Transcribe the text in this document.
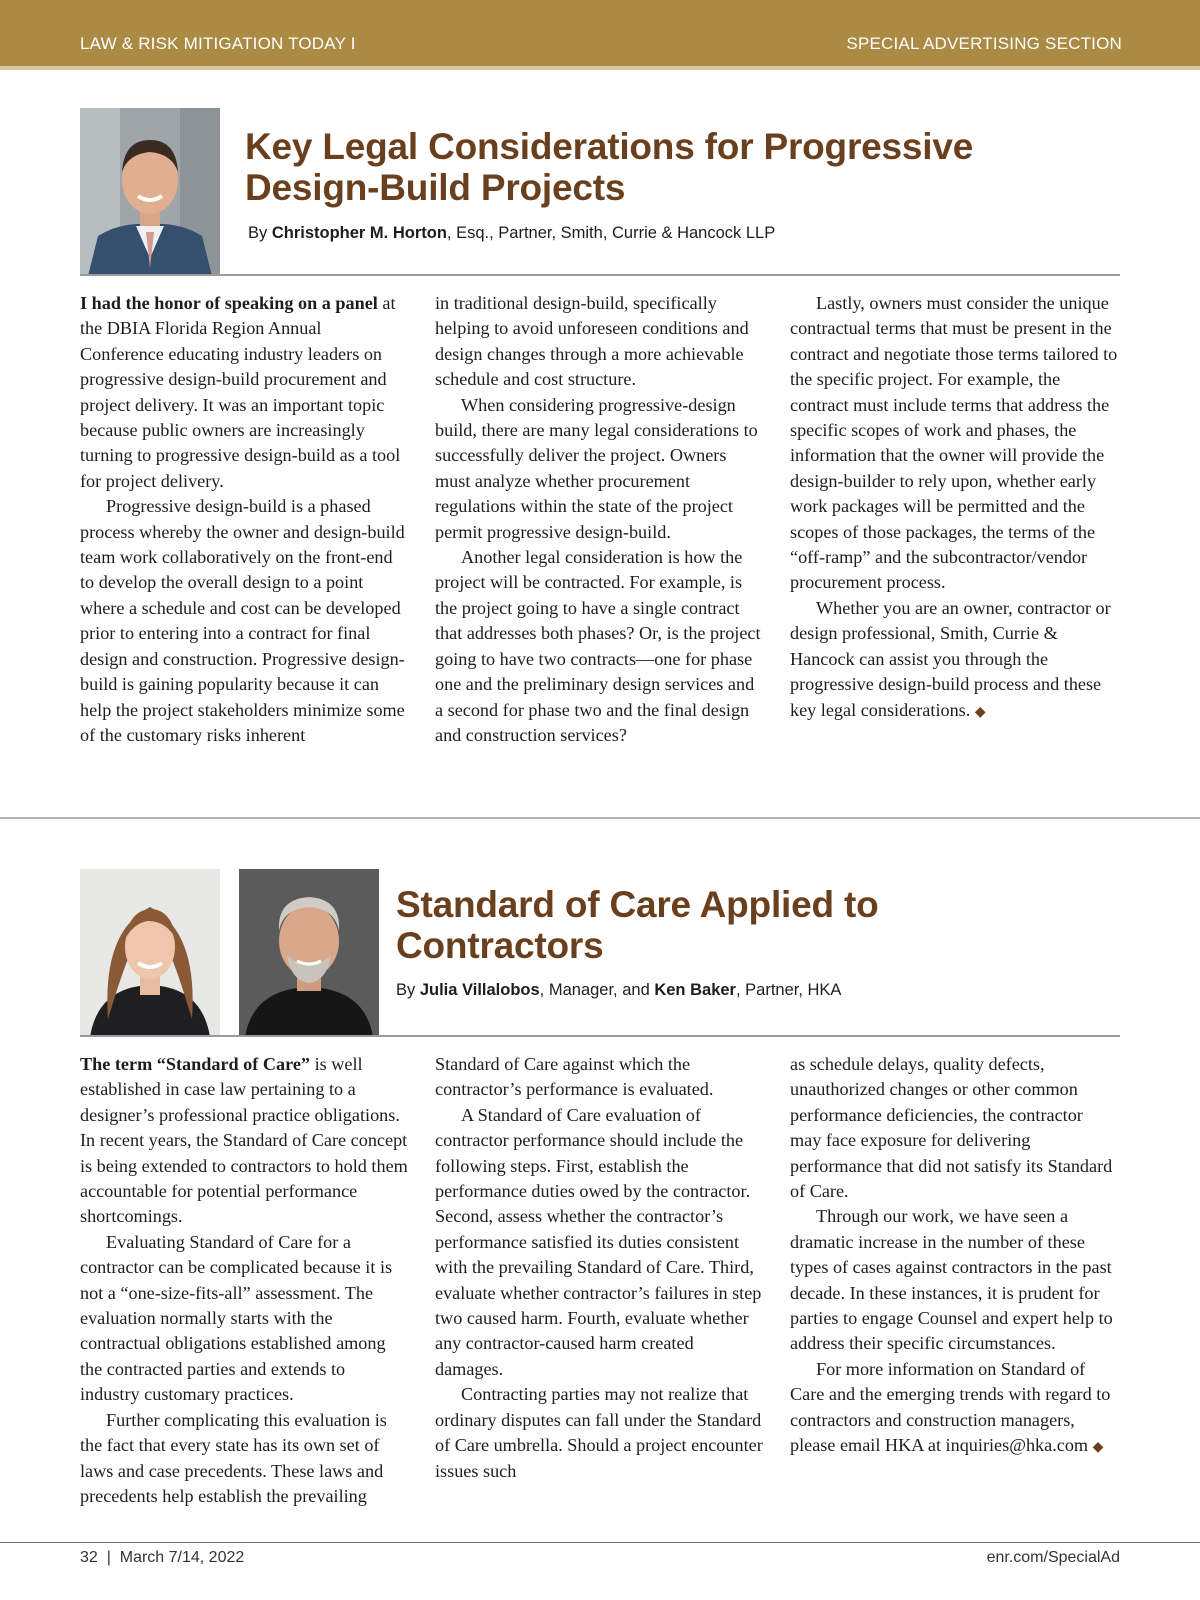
LAW & RISK MITIGATION TODAY I	SPECIAL ADVERTISING SECTION
Key Legal Considerations for Progressive Design-Build Projects
By Christopher M. Horton, Esq., Partner, Smith, Currie & Hancock LLP

I had the honor of speaking on a panel at the DBIA Florida Region Annual Conference educating industry leaders on progressive design-build procurement and project delivery. It was an important topic because public owners are increasingly turning to progressive design-build as a tool for project delivery.

Progressive design-build is a phased process whereby the owner and design-build team work collaboratively on the front-end to develop the overall design to a point where a schedule and cost can be developed prior to entering into a contract for final design and construction. Progressive design-build is gaining popularity because it can help the project stakeholders minimize some of the customary risks inherent

in traditional design-build, specifically helping to avoid unforeseen conditions and design changes through a more achievable schedule and cost structure.

When considering progressive-design build, there are many legal considerations to successfully deliver the project. Owners must analyze whether procurement regulations within the state of the project permit progressive design-build.

Another legal consideration is how the project will be contracted. For example, is the project going to have a single contract that addresses both phases? Or, is the project going to have two contracts—one for phase one and the preliminary design services and a second for phase two and the final design and construction services?

Lastly, owners must consider the unique contractual terms that must be present in the contract and negotiate those terms tailored to the specific project. For example, the contract must include terms that address the specific scopes of work and phases, the information that the owner will provide the design-builder to rely upon, whether early work packages will be permitted and the scopes of those packages, the terms of the “off-ramp” and the subcontractor/vendor procurement process.

Whether you are an owner, contractor or design professional, Smith, Currie & Hancock can assist you through the progressive design-build process and these key legal considerations. ◆

Standard of Care Applied to Contractors
By Julia Villalobos, Manager, and Ken Baker, Partner, HKA

The term “Standard of Care” is well established in case law pertaining to a designer’s professional practice obligations. In recent years, the Standard of Care concept is being extended to contractors to hold them accountable for potential performance shortcomings.

Evaluating Standard of Care for a contractor can be complicated because it is not a “one-size-fits-all” assessment. The evaluation normally starts with the contractual obligations established among the contracted parties and extends to industry customary practices.

Further complicating this evaluation is the fact that every state has its own set of laws and case precedents. These laws and precedents help establish the prevailing

Standard of Care against which the contractor’s performance is evaluated.

A Standard of Care evaluation of contractor performance should include the following steps. First, establish the performance duties owed by the contractor. Second, assess whether the contractor’s performance satisfied its duties consistent with the prevailing Standard of Care. Third, evaluate whether contractor’s failures in step two caused harm. Fourth, evaluate whether any contractor-caused harm created damages.

Contracting parties may not realize that ordinary disputes can fall under the Standard of Care umbrella. Should a project encounter issues such

as schedule delays, quality defects, unauthorized changes or other common performance deficiencies, the contractor may face exposure for delivering performance that did not satisfy its Standard of Care.

Through our work, we have seen a dramatic increase in the number of these types of cases against contractors in the past decade. In these instances, it is prudent for parties to engage Counsel and expert help to address their specific circumstances.

For more information on Standard of Care and the emerging trends with regard to contractors and construction managers, please email HKA at inquiries@hka.com ◆

32  |  March 7/14, 2022	enr.com/SpecialAd
